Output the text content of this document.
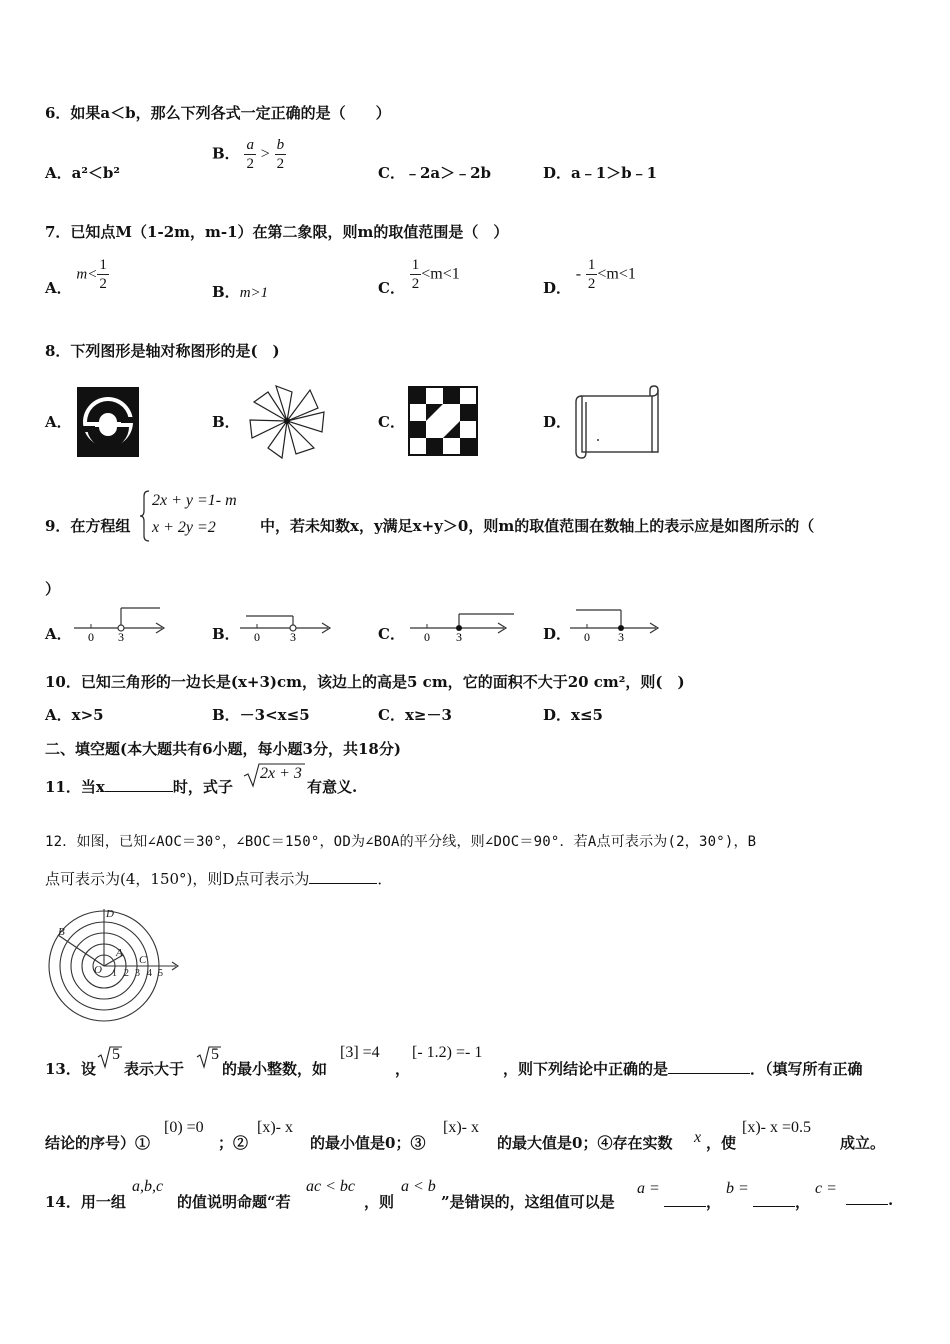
6．如果a＜b，那么下列各式一定正确的是（　　）
A．a²＜b²
B． $\frac{a}{2} > \frac{b}{2}$	C．﹣2a＞﹣2b	D．a﹣1＞b﹣1
7．已知点M（1-2m，m-1）在第二象限，则m的取值范围是（　）
A． $m< \frac{1}{2}$	B．m>1	C． $\frac{1}{2} <m<1$
D． - $\frac{1}{2} <m<1$
8．下列图形是轴对称图形的是(　)
A．	B．	C．	D．
9．在方程组
2x + y =1- m
x + 2y =2	中，若未知数x，y满足x+y＞0，则m的取值范围在数轴上的表示应是如图所示的（
）
A． 0 3	B． 0	3	C． 0 3	D． 0 3
10．已知三角形的一边长是(x+3)cm，该边上的高是5 cm，它的面积不大于20 cm²，则(　)
A．x>5	B．－3<x≤5	C．x≥－3	D．x≤5
二、填空题(本大题共有6小题，每小题3分，共18分)
11．当x	时，式子
2x + 3
有意义.
12．如图，已知∠AOC＝30°，∠BOC＝150°，OD为∠BOA的平分线，则∠DOC＝90°．若A点可表示为(2，30°)，B
点可表示为(4，150°)，则D点可表示为	．
D
B
A
C
O 1 2 3 4 5
13．设
5
表示大于
5
的最小整数，如
[3] =4
，
[- 1.2) =- 1
，则下列结论中正确的是	．（填写所有正确
结论的序号）①
[0) =0
；②
[x)- x
的最小值是0；③
[x)- x
的最大值是0；④存在实数 x ，使
[x)- x =0.5
成立。
14．用一组
a,b,c
的值说明命题“若
ac < bc
，则
a < b
”是错误的，这组值可以是
a =
，
b =
，
c =
.
